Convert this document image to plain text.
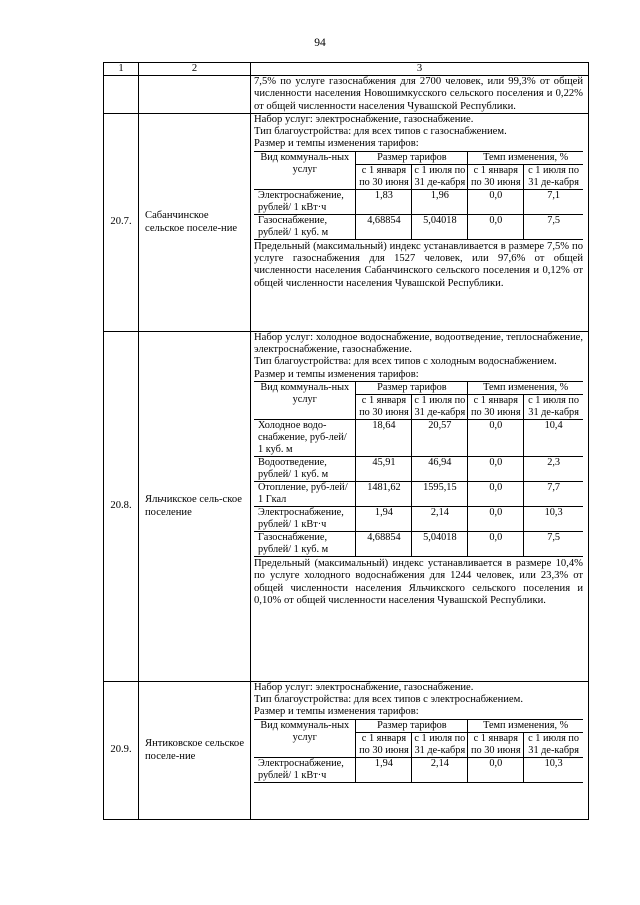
94
1	2	3
		7,5% по услуге газоснабжения для 2700 человек, или 99,3% от общей численности населения Новошимкусского сельского поселения и 0,22% от общей численности населения Чувашской Республики.
20.7.	Сабанчинское сельское поселе-ние	
Набор услуг: электроснабжение, газоснабжение.
Тип благоустройства: для всех типов с газоснабжением.
Размер и темпы изменения тарифов:
Вид коммуналь-ных услуг	Размер тарифов	Темп изменения, %
с 1 января по 30 июня	с 1 июля по 31 де-кабря	с 1 января по 30 июня	с 1 июля по 31 де-кабря
Электроснабжение, рублей/ 1 кВт·ч	1,83	1,96	0,0	7,1
Газоснабжение, рублей/ 1 куб. м	4,68854	5,04018	0,0	7,5
Предельный (максимальный) индекс устанавливается в размере 7,5% по услуге газоснабжения для 1527 человек, или 97,6% от общей численности населения Сабанчинского сельского поселения и 0,12% от общей численности населения Чувашской Республики.

20.8.	Яльчикское сель-ское поселение	
Набор услуг: холодное водоснабжение, водоотведение, теплоснабжение, электроснабжение, газоснабжение.
Тип благоустройства: для всех типов с холодным водоснабжением.
Размер и темпы изменения тарифов:
Вид коммуналь-ных услуг	Размер тарифов	Темп изменения, %
с 1 января по 30 июня	с 1 июля по 31 де-кабря	с 1 января по 30 июня	с 1 июля по 31 де-кабря
Холодное водо-снабжение, руб-лей/ 1 куб. м	18,64	20,57	0,0	10,4
Водоотведение, рублей/ 1 куб. м	45,91	46,94	0,0	2,3
Отопление, руб-лей/ 1 Гкал	1481,62	1595,15	0,0	7,7
Электроснабжение, рублей/ 1 кВт·ч	1,94	2,14	0,0	10,3
Газоснабжение, рублей/ 1 куб. м	4,68854	5,04018	0,0	7,5
Предельный (максимальный) индекс устанавливается в размере 10,4% по услуге холодного водоснабжения для 1244 человек, или 23,3% от общей численности населения Яльчикского сельского поселения и 0,10% от общей численности населения Чувашской Республики.

20.9.	Янтиковское сельское поселе-ние	
Набор услуг: электроснабжение, газоснабжение.
Тип благоустройства: для всех типов с электроснабжением.
Размер и темпы изменения тарифов:
Вид коммуналь-ных услуг	Размер тарифов	Темп изменения, %
с 1 января по 30 июня	с 1 июля по 31 де-кабря	с 1 января по 30 июня	с 1 июля по 31 де-кабря
Электроснабжение, рублей/ 1 кВт·ч	1,94	2,14	0,0	10,3
